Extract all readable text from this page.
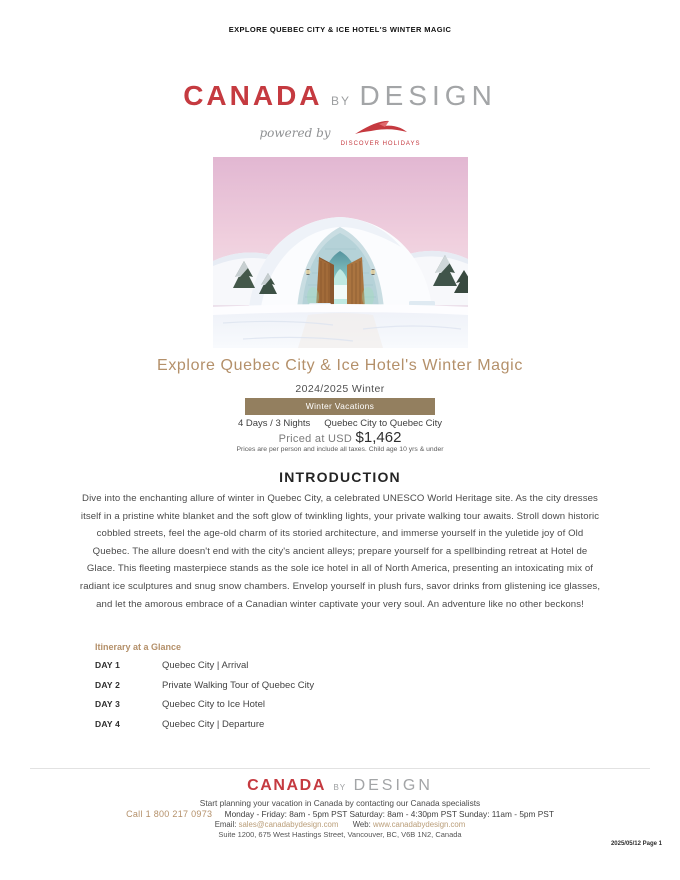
EXPLORE QUEBEC CITY & ICE HOTEL'S WINTER MAGIC
CANADA BY DESIGN
powered by
DISCOVER HOLIDAYS
Explore Quebec City & Ice Hotel's Winter Magic
2024/2025 Winter
Winter Vacations
4 Days / 3 Nights Quebec City to Quebec City
Priced at USD $1,462
Prices are per person and include all taxes. Child age 10 yrs & under
INTRODUCTION
Dive into the enchanting allure of winter in Quebec City, a celebrated UNESCO World Heritage site. As the city dresses itself in a pristine white blanket and the soft glow of twinkling lights, your private walking tour awaits. Stroll down historic cobbled streets, feel the age-old charm of its storied architecture, and immerse yourself in the yuletide joy of Old Quebec. The allure doesn't end with the city's ancient alleys; prepare yourself for a spellbinding retreat at Hotel de Glace. This fleeting masterpiece stands as the sole ice hotel in all of North America, presenting an intoxicating mix of radiant ice sculptures and snug snow chambers. Envelop yourself in plush furs, savor drinks from glistening ice glasses, and let the amorous embrace of a Canadian winter captivate your very soul. An adventure like no other beckons!
Itinerary at a Glance
DAY 1	Quebec City | Arrival
DAY 2	Private Walking Tour of Quebec City
DAY 3	Quebec City to Ice Hotel
DAY 4	Quebec City | Departure
CANADA BY DESIGN
Start planning your vacation in Canada by contacting our Canada specialists
Call 1 800 217 0973 Monday - Friday: 8am - 5pm PST Saturday: 8am - 4:30pm PST Sunday: 11am - 5pm PST
Email: sales@canadabydesign.com Web: www.canadabydesign.com
Suite 1200, 675 West Hastings Street, Vancouver, BC, V6B 1N2, Canada
2025/05/12 Page 1
